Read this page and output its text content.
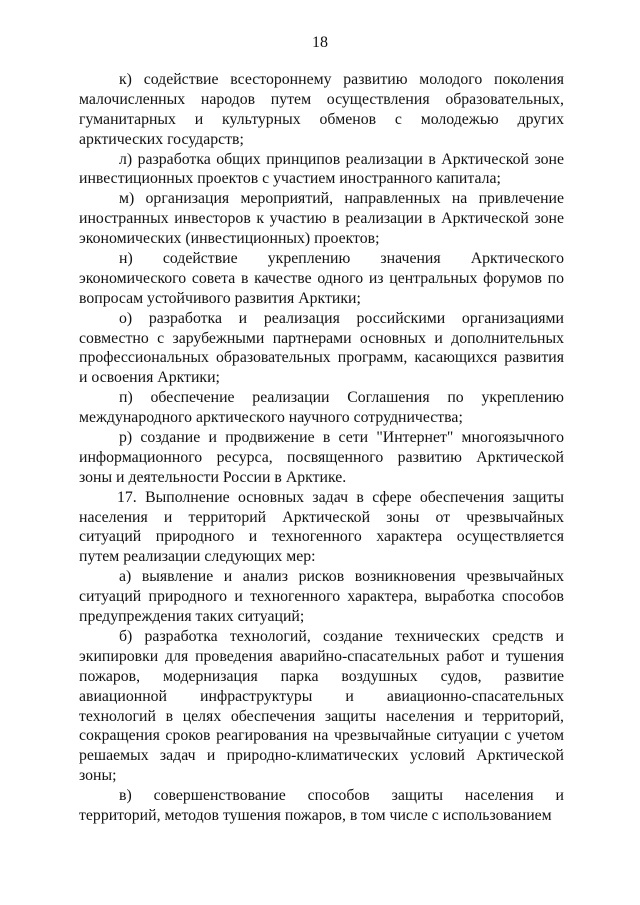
18
к) содействие всестороннему развитию молодого поколения
малочисленных народов путем осуществления образовательных,
гуманитарных и культурных обменов с молодежью других
арктических государств;
л) разработка общих принципов реализации в Арктической зоне
инвестиционных проектов с участием иностранного капитала;
м) организация мероприятий, направленных на привлечение
иностранных инвесторов к участию в реализации в Арктической зоне
экономических (инвестиционных) проектов;
н) содействие укреплению значения Арктического
экономического совета в качестве одного из центральных форумов по
вопросам устойчивого развития Арктики;
о) разработка и реализация российскими организациями
совместно с зарубежными партнерами основных и дополнительных
профессиональных образовательных программ, касающихся развития
и освоения Арктики;
п) обеспечение реализации Соглашения по укреплению
международного арктического научного сотрудничества;
р) создание и продвижение в сети "Интернет" многоязычного
информационного ресурса, посвященного развитию Арктической
зоны и деятельности России в Арктике.
17. Выполнение основных задач в сфере обеспечения защиты
населения и территорий Арктической зоны от чрезвычайных
ситуаций природного и техногенного характера осуществляется
путем реализации следующих мер:
а) выявление и анализ рисков возникновения чрезвычайных
ситуаций природного и техногенного характера, выработка способов
предупреждения таких ситуаций;
б) разработка технологий, создание технических средств и
экипировки для проведения аварийно-спасательных работ и тушения
пожаров, модернизация парка воздушных судов, развитие
авиационной инфраструктуры и авиационно-спасательных
технологий в целях обеспечения защиты населения и территорий,
сокращения сроков реагирования на чрезвычайные ситуации с учетом
решаемых задач и природно-климатических условий Арктической
зоны;
в) совершенствование способов защиты населения и
территорий, методов тушения пожаров, в том числе с использованием
